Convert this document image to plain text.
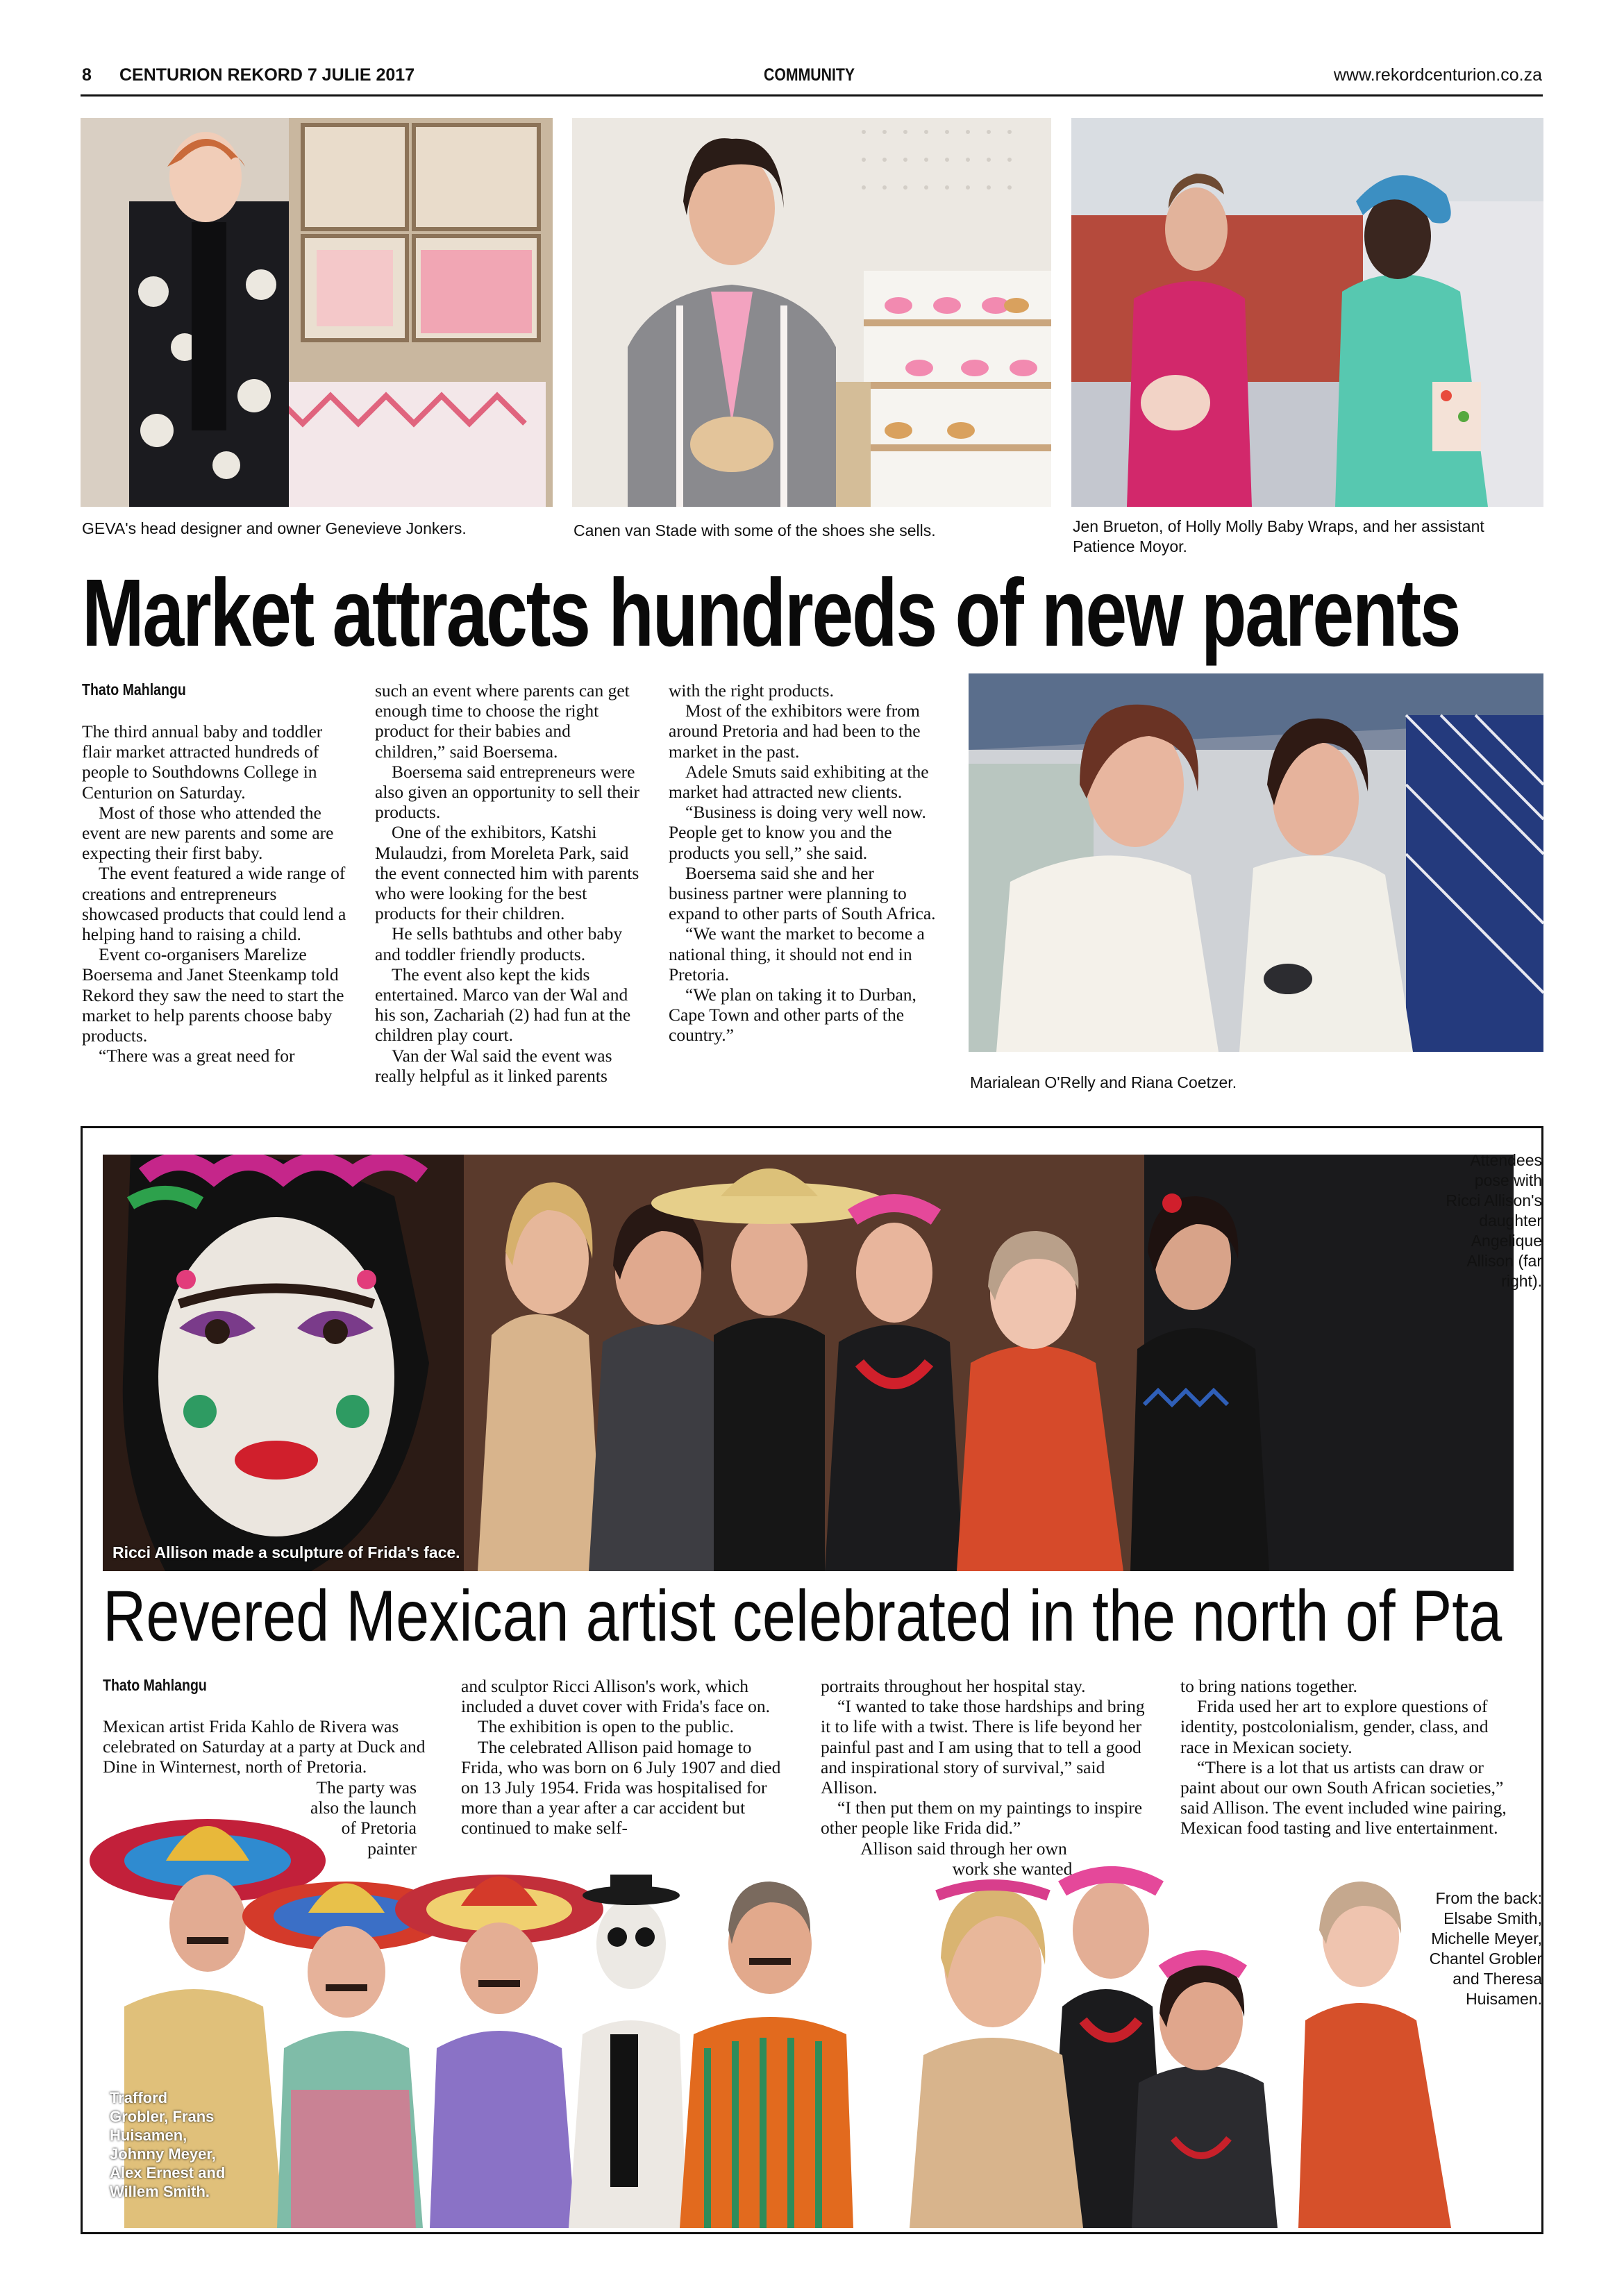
8 CENTURION REKORD 7 JULIE 2017	COMMUNITY	www.rekordcenturion.co.za
GEVA's head designer and owner Genevieve Jonkers.	Canen van Stade with some of the shoes she sells.	Jen Brueton, of Holly Molly Baby Wraps, and her assistant
Patience Moyor.
Market attracts hundreds of new parents
Thato Mahlangu

The third annual baby and toddler flair market attracted hundreds of people to Southdowns College in Centurion on Saturday.

Most of those who attended the event are new parents and some are expecting their first baby.

The event featured a wide range of creations and entrepreneurs showcased products that could lend a helping hand to raising a child.

Event co-organisers Marelize Boersema and Janet Steenkamp told Rekord they saw the need to start the market to help parents choose baby products.

“There was a great need for

such an event where parents can get enough time to choose the right product for their babies and children,” said Boersema.

Boersema said entrepreneurs were also given an opportunity to sell their products.

One of the exhibitors, Katshi Mulaudzi, from Moreleta Park, said the event connected him with parents who were looking for the best products for their children.

He sells bathtubs and other baby and toddler friendly products.

The event also kept the kids entertained. Marco van der Wal and his son, Zachariah (2) had fun at the children play court.

Van der Wal said the event was really helpful as it linked parents

with the right products.

Most of the exhibitors were from around Pretoria and had been to the market in the past.

Adele Smuts said exhibiting at the market had attracted new clients.

“Business is doing very well now. People get to know you and the products you sell,” she said.

Boersema said she and her business partner were planning to expand to other parts of South Africa.

“We want the market to become a national thing, it should not end in Pretoria.

“We plan on taking it to Durban, Cape Town and other parts of the country.”

Marialean O'Relly and Riana Coetzer.
Ricci Allison made a sculpture of Frida's face.
Attendees
pose with
Ricci Allison's
daughter
Angelique
Allison (far
right).
Revered Mexican artist celebrated in the north of Pta
Thato Mahlangu

Mexican artist Frida Kahlo de Rivera was celebrated on Saturday at a party at Duck and Dine in Winternest, north of Pretoria.

The party was
also the launch
of Pretoria
painter

and sculptor Ricci Allison's work, which included a duvet cover with Frida's face on.

The exhibition is open to the public.

The celebrated Allison paid homage to Frida, who was born on 6 July 1907 and died on 13 July 1954. Frida was hospitalised for more than a year after a car accident but continued to make self-

portraits throughout her hospital stay.

“I wanted to take those hardships and bring it to life with a twist. There is life beyond her painful past and I am using that to tell a good and inspirational story of survival,” said Allison.

“I then put them on my paintings to inspire other people like Frida did.”

Allison said through her own
work she wanted

to bring nations together.

Frida used her art to explore questions of identity, postcolonialism, gender, class, and race in Mexican society.

“There is a lot that us artists can draw or paint about our own South African societies,” said Allison. The event included wine pairing, Mexican food tasting and live entertainment.

Trafford
Grobler, Frans
Huisamen,
Johnny Meyer,
Alex Ernest and
Willem Smith.
From the back:
Elsabe Smith,
Michelle Meyer,
Chantel Grobler
and Theresa
Huisamen.
